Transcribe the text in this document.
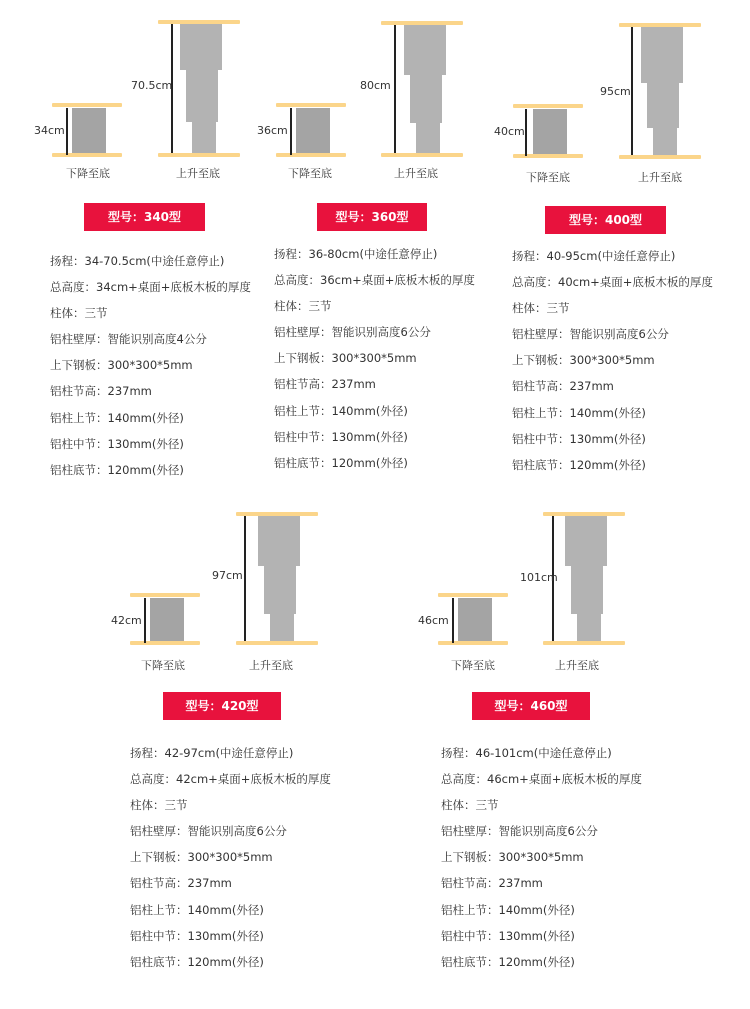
34cm
下降至底
70.5cm
上升至底
型号：340型
扬程：34-70.5cm(中途任意停止)
总高度：34cm+桌面+底板木板的厚度
柱体：三节
铝柱壁厚：智能识别高度4公分
上下钢板：300*300*5mm
铝柱节高：237mm
铝柱上节：140mm(外径)
铝柱中节：130mm(外径)
铝柱底节：120mm(外径)
36cm
下降至底
80cm
上升至底
型号：360型
扬程：36-80cm(中途任意停止)
总高度：36cm+桌面+底板木板的厚度
柱体：三节
铝柱壁厚：智能识别高度6公分
上下钢板：300*300*5mm
铝柱节高：237mm
铝柱上节：140mm(外径)
铝柱中节：130mm(外径)
铝柱底节：120mm(外径)
40cm
下降至底
95cm
上升至底
型号：400型
扬程：40-95cm(中途任意停止)
总高度：40cm+桌面+底板木板的厚度
柱体：三节
铝柱壁厚：智能识别高度6公分
上下钢板：300*300*5mm
铝柱节高：237mm
铝柱上节：140mm(外径)
铝柱中节：130mm(外径)
铝柱底节：120mm(外径)
42cm
下降至底
97cm
上升至底
型号：420型
扬程：42-97cm(中途任意停止)
总高度：42cm+桌面+底板木板的厚度
柱体：三节
铝柱壁厚：智能识别高度6公分
上下钢板：300*300*5mm
铝柱节高：237mm
铝柱上节：140mm(外径)
铝柱中节：130mm(外径)
铝柱底节：120mm(外径)
46cm
下降至底
101cm
上升至底
型号：460型
扬程：46-101cm(中途任意停止)
总高度：46cm+桌面+底板木板的厚度
柱体：三节
铝柱壁厚：智能识别高度6公分
上下钢板：300*300*5mm
铝柱节高：237mm
铝柱上节：140mm(外径)
铝柱中节：130mm(外径)
铝柱底节：120mm(外径)
